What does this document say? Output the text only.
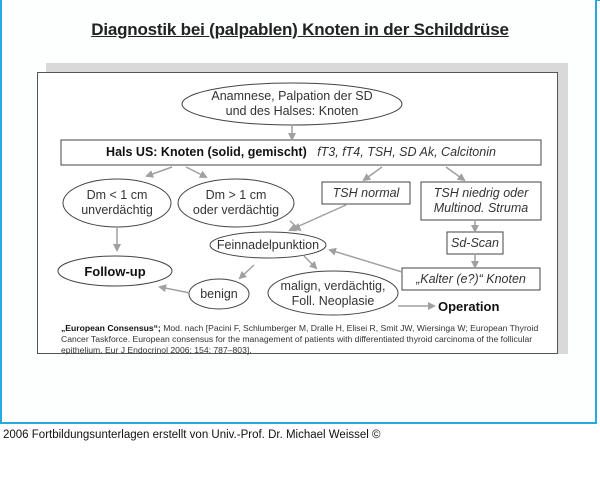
Diagnostik bei (palpablen) Knoten in der Schilddrüse
Anamnese, Palpation der SD
und des Halses: Knoten
Hals US: Knoten (solid, gemischt) fT3, fT4, TSH, SD Ak, Calcitonin
Dm < 1 cm
unverdächtig
Dm > 1 cm
oder verdächtig
TSH normal	TSH niedrig oder
Multinod. Struma
Sd-Scan
„Kalter (e?)“ Knoten
Feinnadelpunktion
Follow-up
benign
malign, verdächtig,
Foll. Neoplasie	Operation
„European Consensus“; Mod. nach [Pacini F, Schlumberger M, Dralle H, Elisei R, Smit JW, Wiersinga W; European Thyroid Cancer Taskforce. European consensus for the management of patients with differentiated thyroid carcinoma of the follicular epithelium. Eur J Endocrinol 2006; 154: 787–803].
2006 Fortbildungsunterlagen erstellt von Univ.-Prof. Dr. Michael Weissel ©
